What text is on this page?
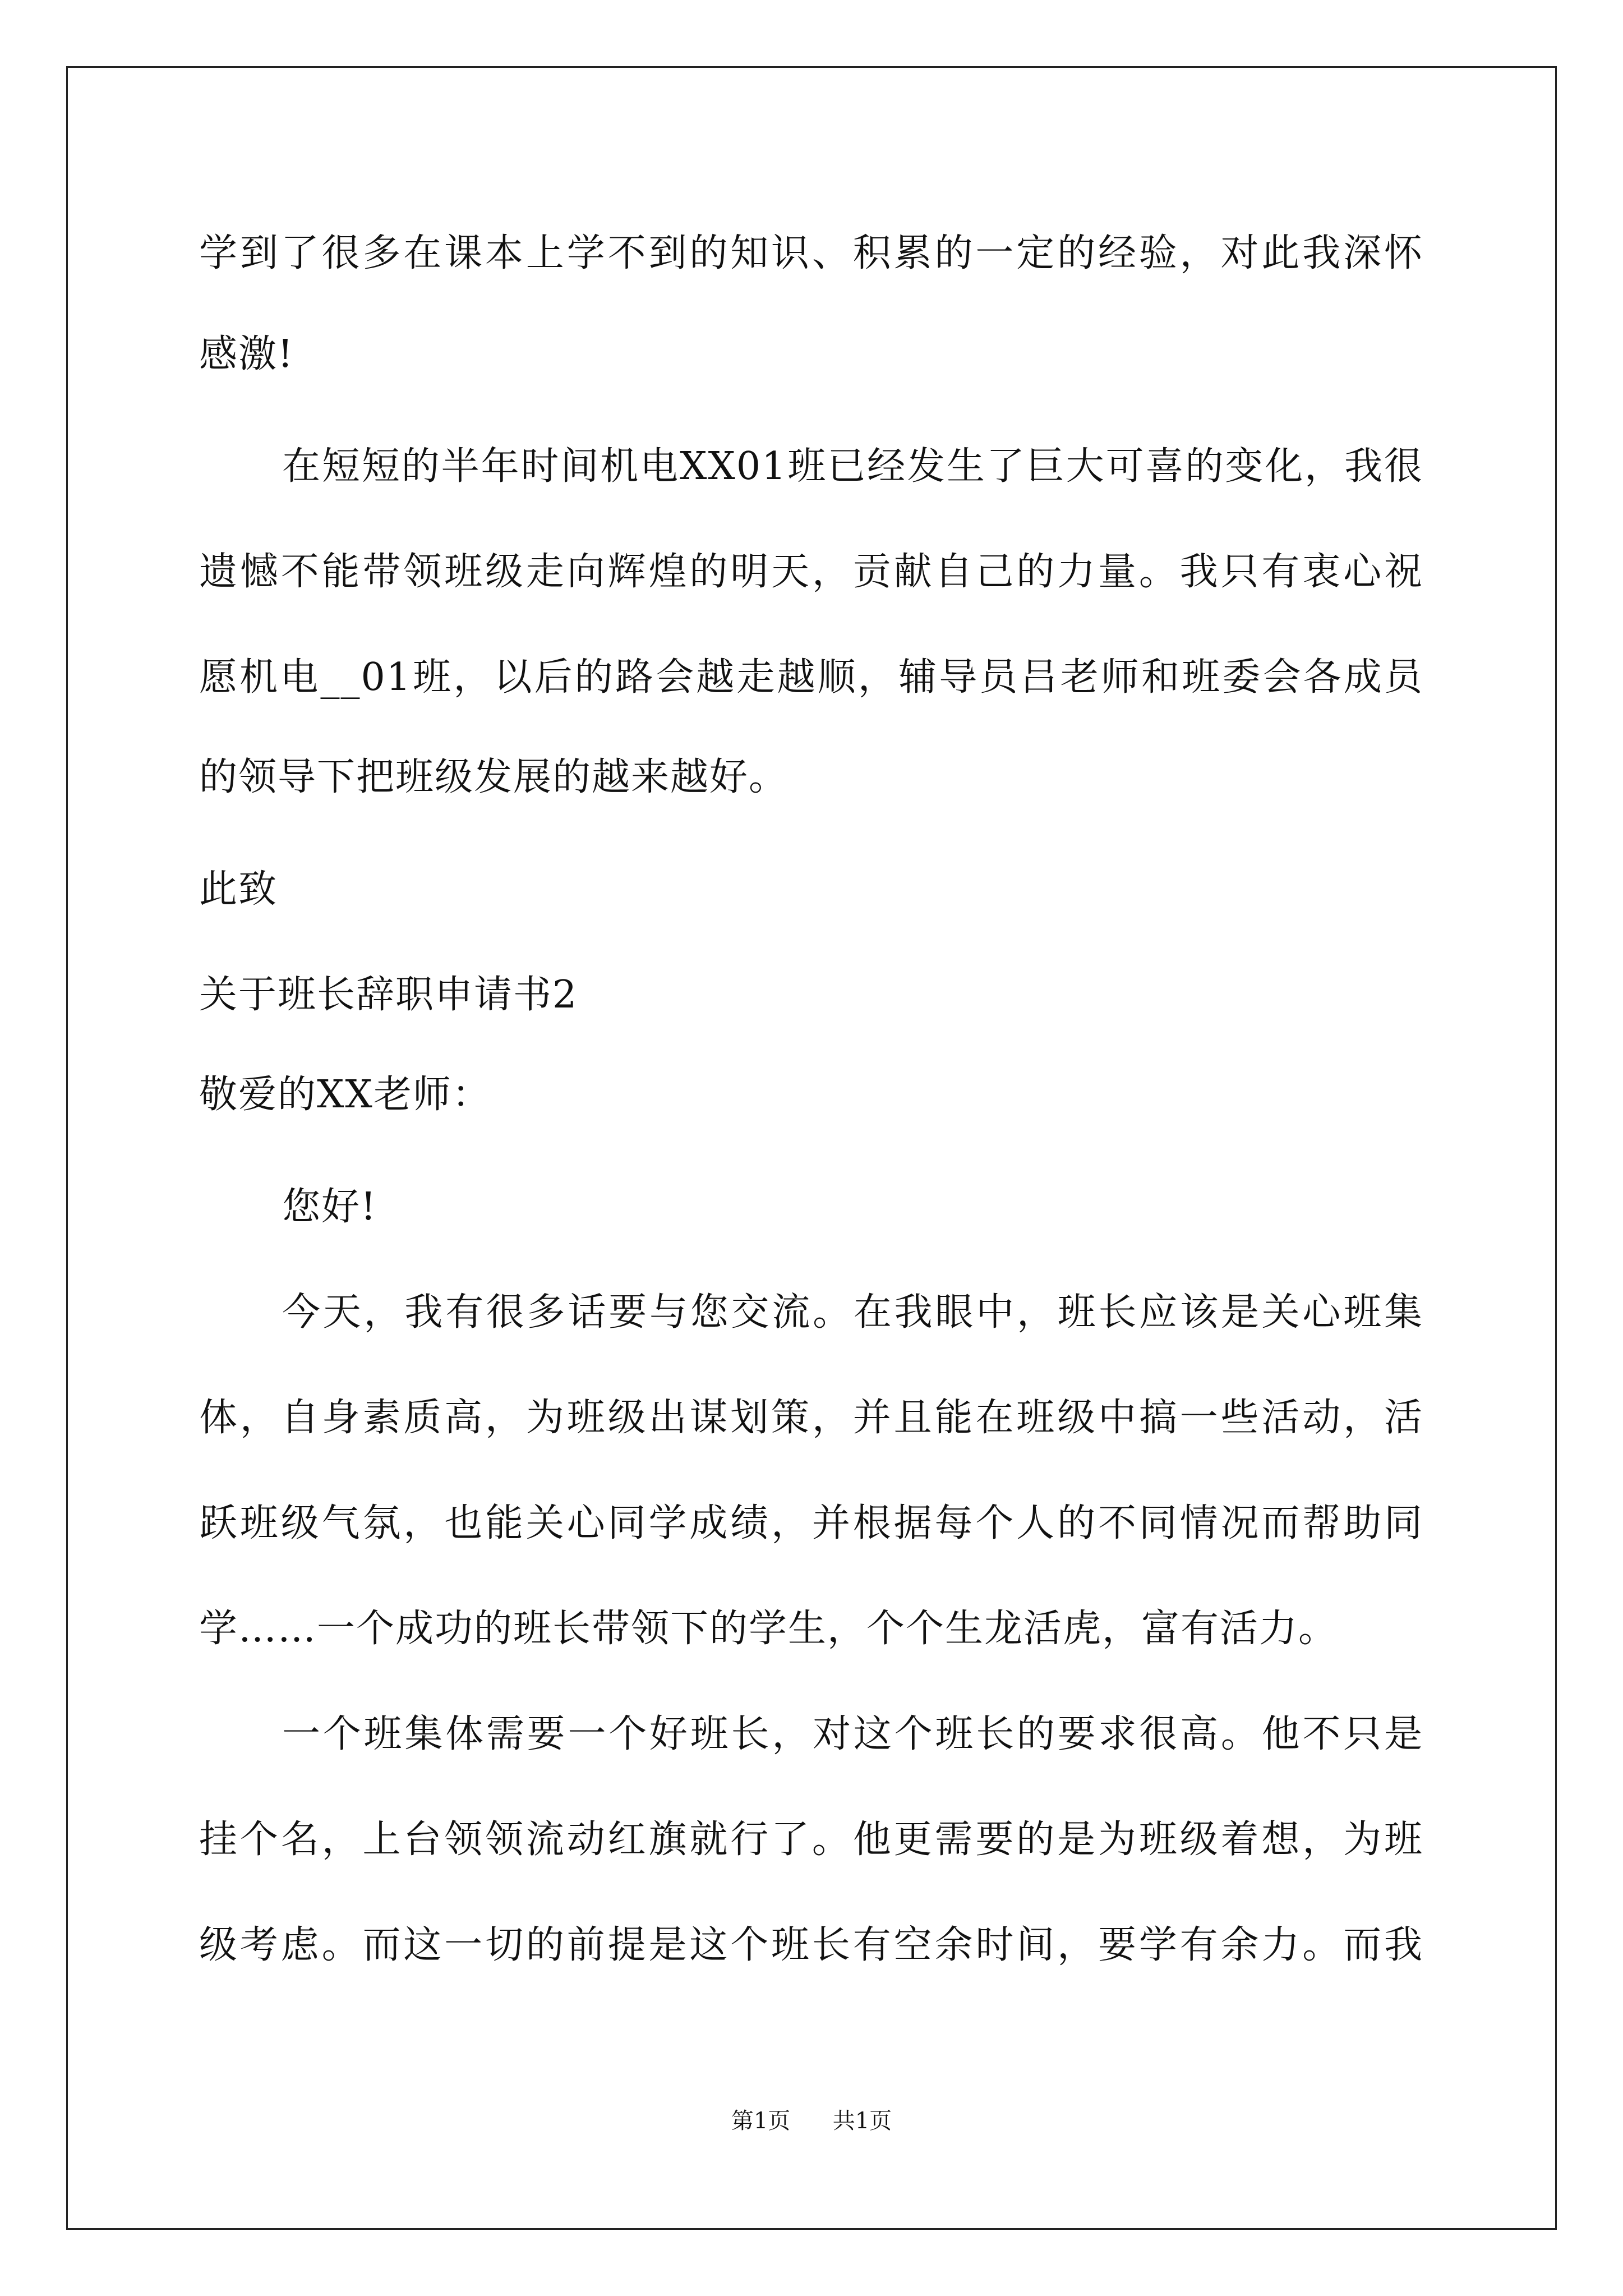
学到了很多在课本上学不到的知识、积累的一定的经验，对此我深怀
感激!
在短短的半年时间机电XX01班已经发生了巨大可喜的变化，我很
遗憾不能带领班级走向辉煌的明天，贡献自己的力量。我只有衷心祝
愿机电__01班，以后的路会越走越顺，辅导员吕老师和班委会各成员
的领导下把班级发展的越来越好。
此致
关于班长辞职申请书2
敬爱的XX老师：
您好!
今天，我有很多话要与您交流。在我眼中，班长应该是关心班集
体，自身素质高，为班级出谋划策，并且能在班级中搞一些活动，活
跃班级气氛，也能关心同学成绩，并根据每个人的不同情况而帮助同
学……一个成功的班长带领下的学生，个个生龙活虎，富有活力。
一个班集体需要一个好班长，对这个班长的要求很高。他不只是
挂个名，上台领领流动红旗就行了。他更需要的是为班级着想，为班
级考虑。而这一切的前提是这个班长有空余时间，要学有余力。而我
第1页 共1页
